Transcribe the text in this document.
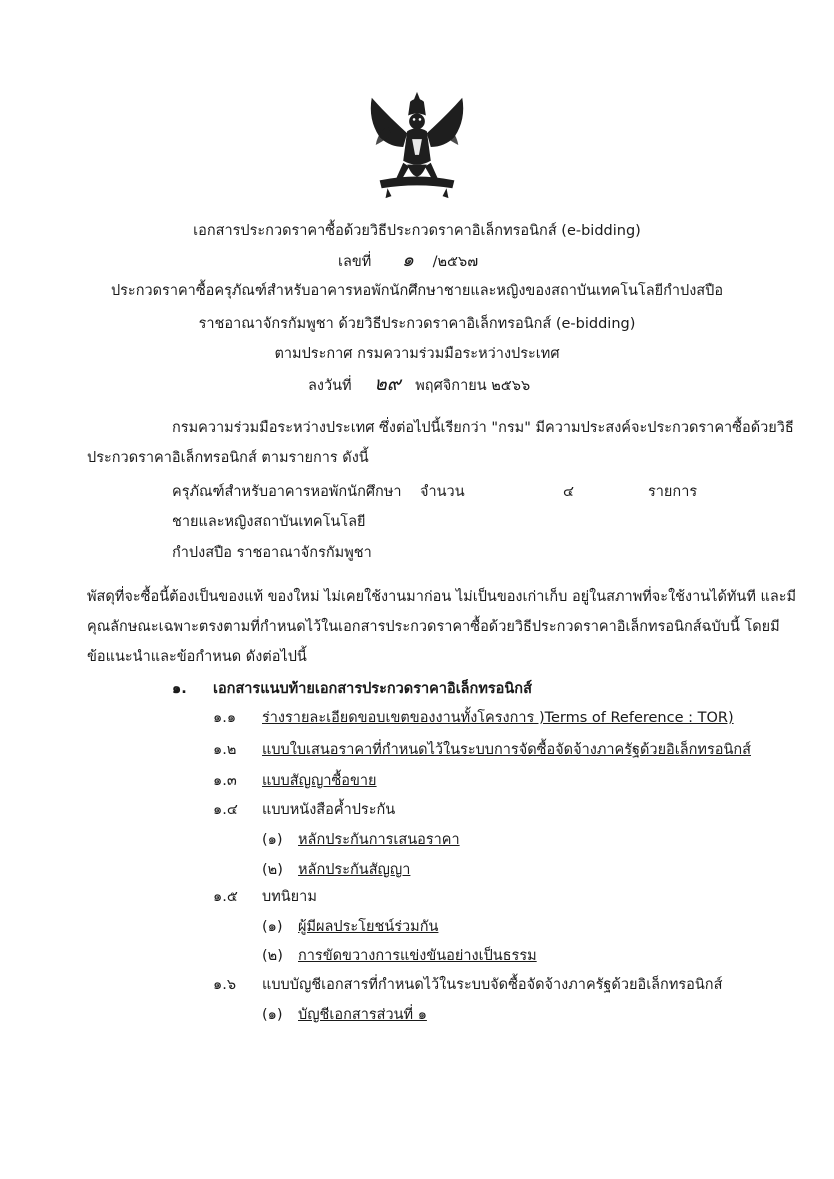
เอกสารประกวดราคาซื้อด้วยวิธีประกวดราคาอิเล็กทรอนิกส์ (e-bidding)
เลขที่ ๑ /๒๕๖๗
ประกวดราคาซื้อครุภัณฑ์สำหรับอาคารหอพักนักศึกษาชายและหญิงของสถาบันเทคโนโลยีกำปงสปือ
ราชอาณาจักรกัมพูชา ด้วยวิธีประกวดราคาอิเล็กทรอนิกส์ (e-bidding)
ตามประกาศ กรมความร่วมมือระหว่างประเทศ
ลงวันที่ ๒๙ พฤศจิกายน ๒๕๖๖
กรมความร่วมมือระหว่างประเทศ ซึ่งต่อไปนี้เรียกว่า "กรม" มีความประสงค์จะประกวดราคาซื้อด้วยวิธี
ประกวดราคาอิเล็กทรอนิกส์ ตามรายการ ดังนี้
ครุภัณฑ์สำหรับอาคารหอพักนักศึกษา จำนวน	๔	รายการ
ชายและหญิงสถาบันเทคโนโลยี
กำปงสปือ ราชอาณาจักรกัมพูชา
พัสดุที่จะซื้อนี้ต้องเป็นของแท้ ของใหม่ ไม่เคยใช้งานมาก่อน ไม่เป็นของเก่าเก็บ อยู่ในสภาพที่จะใช้งานได้ทันที และมี
คุณลักษณะเฉพาะตรงตามที่กำหนดไว้ในเอกสารประกวดราคาซื้อด้วยวิธีประกวดราคาอิเล็กทรอนิกส์ฉบับนี้ โดยมี
ข้อแนะนำและข้อกำหนด ดังต่อไปนี้
๑. เอกสารแนบท้ายเอกสารประกวดราคาอิเล็กทรอนิกส์
๑.๑ ร่างรายละเอียดขอบเขตของงานทั้งโครงการ )Terms of Reference : TOR)
๑.๒ แบบใบเสนอราคาที่กำหนดไว้ในระบบการจัดซื้อจัดจ้างภาครัฐด้วยอิเล็กทรอนิกส์
๑.๓ แบบสัญญาซื้อขาย
๑.๔ แบบหนังสือค้ำประกัน
(๑) หลักประกันการเสนอราคา
(๒) หลักประกันสัญญา
๑.๕ บทนิยาม
(๑) ผู้มีผลประโยชน์ร่วมกัน
(๒) การขัดขวางการแข่งขันอย่างเป็นธรรม
๑.๖ แบบบัญชีเอกสารที่กำหนดไว้ในระบบจัดซื้อจัดจ้างภาครัฐด้วยอิเล็กทรอนิกส์
(๑) บัญชีเอกสารส่วนที่ ๑
